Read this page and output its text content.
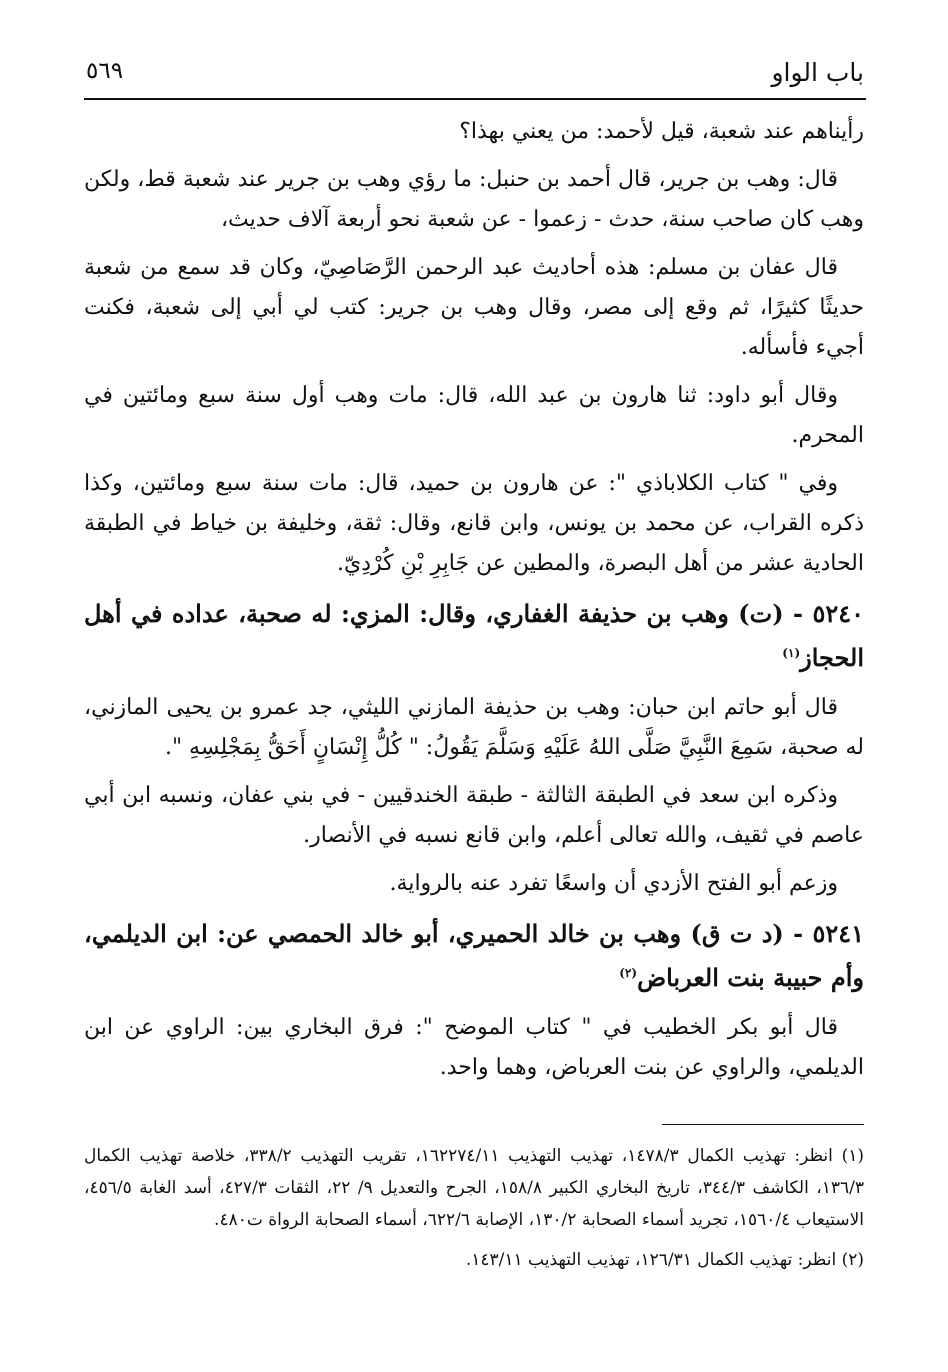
باب الواو
٥٦٩

رأيناهم عند شعبة، قيل لأحمد: من يعني بهذا؟

قال: وهب بن جرير، قال أحمد بن حنبل: ما رؤي وهب بن جرير عند شعبة قط، ولكن وهب كان صاحب سنة، حدث - زعموا - عن شعبة نحو أربعة آلاف حديث،

قال عفان بن مسلم: هذه أحاديث عبد الرحمن الرَّصَاصِيّ، وكان قد سمع من شعبة حديثًا كثيرًا، ثم وقع إلى مصر، وقال وهب بن جرير: كتب لي أبي إلى شعبة، فكنت أجيء فأسأله.

وقال أبو داود: ثنا هارون بن عبد الله، قال: مات وهب أول سنة سبع ومائتين في المحرم.

وفي " كتاب الكلاباذي ": عن هارون بن حميد، قال: مات سنة سبع ومائتين، وكذا ذكره القراب، عن محمد بن يونس، وابن قانع، وقال: ثقة، وخليفة بن خياط في الطبقة الحادية عشر من أهل البصرة، والمطين عن جَابِرِ بْنِ كُرْدِيّ.

٥٢٤٠ - (ت) وهب بن حذيفة الغفاري، وقال: المزي: له صحبة، عداده في أهل الحجاز$^{(١)}$

قال أبو حاتم ابن حبان: وهب بن حذيفة المازني الليثي، جد عمرو بن يحيى المازني، له صحبة، سَمِعَ النَّبِيَّ صَلَّى اللهُ عَلَيْهِ وَسَلَّمَ يَقُولُ: " كُلُّ إِنْسَانٍ أَحَقُّ بِمَجْلِسِهِ ".

وذكره ابن سعد في الطبقة الثالثة - طبقة الخندقيين - في بني عفان، ونسبه ابن أبي عاصم في ثقيف، والله تعالى أعلم، وابن قانع نسبه في الأنصار.

وزعم أبو الفتح الأزدي أن واسعًا تفرد عنه بالرواية.

٥٢٤١ - (د ت ق) وهب بن خالد الحميري، أبو خالد الحمصي عن: ابن الديلمي، وأم حبيبة بنت العرباض$^{(٢)}$

قال أبو بكر الخطيب في " كتاب الموضح ": فرق البخاري بين: الراوي عن ابن الديلمي، والراوي عن بنت العرباض، وهما واحد.

(١) انظر: تهذيب الكمال ١٤٧٨/٣، تهذيب التهذيب ١٦٢٢٧٤/١١، تقريب التهذيب ٣٣٨/٢، خلاصة تهذيب الكمال ١٣٦/٣، الكاشف ٣٤٤/٣، تاريخ البخاري الكبير ١٥٨/٨، الجرح والتعديل ٩/ ٢٢، الثقات ٤٢٧/٣، أسد الغابة ٤٥٦/٥، الاستيعاب ١٥٦٠/٤، تجريد أسماء الصحابة ١٣٠/٢، الإصابة ٦٢٢/٦، أسماء الصحابة الرواة ت٤٨٠.

(٢) انظر: تهذيب الكمال ١٢٦/٣١، تهذيب التهذيب ١٤٣/١١.
